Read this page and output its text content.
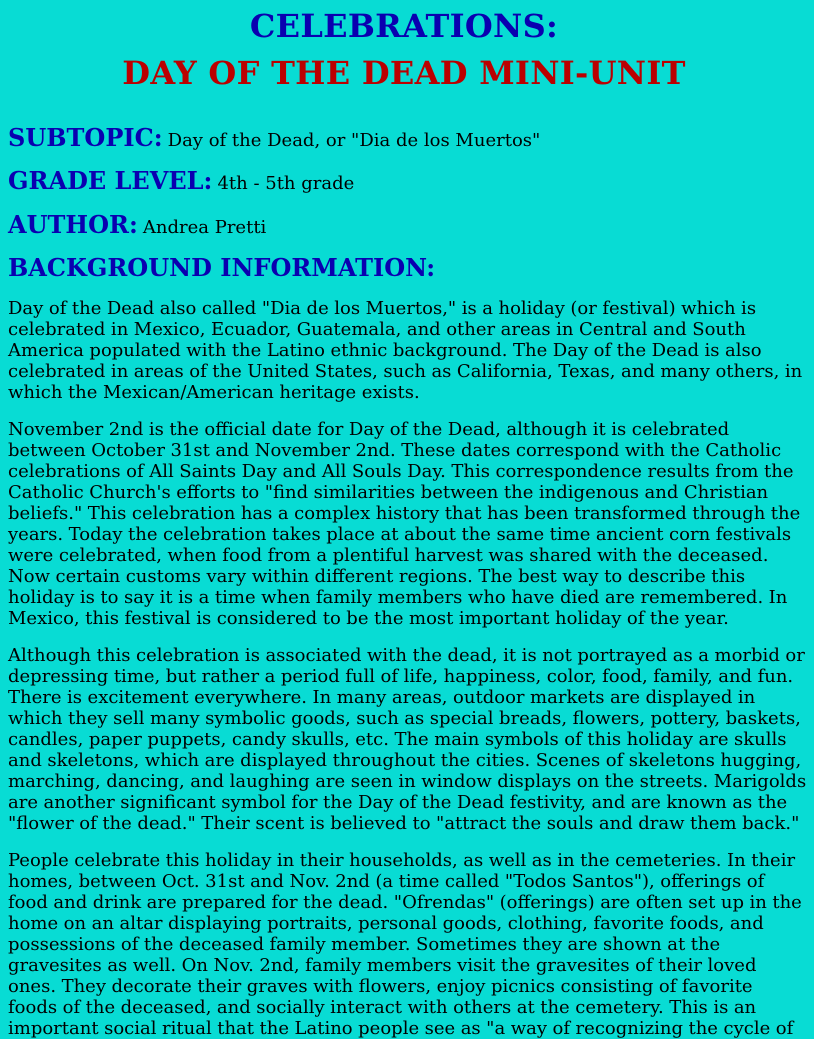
CELEBRATIONS:
DAY OF THE DEAD MINI-UNIT

SUBTOPIC: Day of the Dead, or "Dia de los Muertos"

GRADE LEVEL: 4th - 5th grade

AUTHOR: Andrea Pretti

BACKGROUND INFORMATION:

Day of the Dead also called "Dia de los Muertos," is a holiday (or festival) which is
celebrated in Mexico, Ecuador, Guatemala, and other areas in Central and South
America populated with the Latino ethnic background. The Day of the Dead is also
celebrated in areas of the United States, such as California, Texas, and many others, in
which the Mexican/American heritage exists.
November 2nd is the official date for Day of the Dead, although it is celebrated
between October 31st and November 2nd. These dates correspond with the Catholic
celebrations of All Saints Day and All Souls Day. This correspondence results from the
Catholic Church's efforts to "find similarities between the indigenous and Christian
beliefs." This celebration has a complex history that has been transformed through the
years. Today the celebration takes place at about the same time ancient corn festivals
were celebrated, when food from a plentiful harvest was shared with the deceased.
Now certain customs vary within different regions. The best way to describe this
holiday is to say it is a time when family members who have died are remembered. In
Mexico, this festival is considered to be the most important holiday of the year.
Although this celebration is associated with the dead, it is not portrayed as a morbid or
depressing time, but rather a period full of life, happiness, color, food, family, and fun.
There is excitement everywhere. In many areas, outdoor markets are displayed in
which they sell many symbolic goods, such as special breads, flowers, pottery, baskets,
candles, paper puppets, candy skulls, etc. The main symbols of this holiday are skulls
and skeletons, which are displayed throughout the cities. Scenes of skeletons hugging,
marching, dancing, and laughing are seen in window displays on the streets. Marigolds
are another significant symbol for the Day of the Dead festivity, and are known as the
"flower of the dead." Their scent is believed to "attract the souls and draw them back."
People celebrate this holiday in their households, as well as in the cemeteries. In their
homes, between Oct. 31st and Nov. 2nd (a time called "Todos Santos"), offerings of
food and drink are prepared for the dead. "Ofrendas" (offerings) are often set up in the
home on an altar displaying portraits, personal goods, clothing, favorite foods, and
possessions of the deceased family member. Sometimes they are shown at the
gravesites as well. On Nov. 2nd, family members visit the gravesites of their loved
ones. They decorate their graves with flowers, enjoy picnics consisting of favorite
foods of the deceased, and socially interact with others at the cemetery. This is an
important social ritual that the Latino people see as "a way of recognizing the cycle of
